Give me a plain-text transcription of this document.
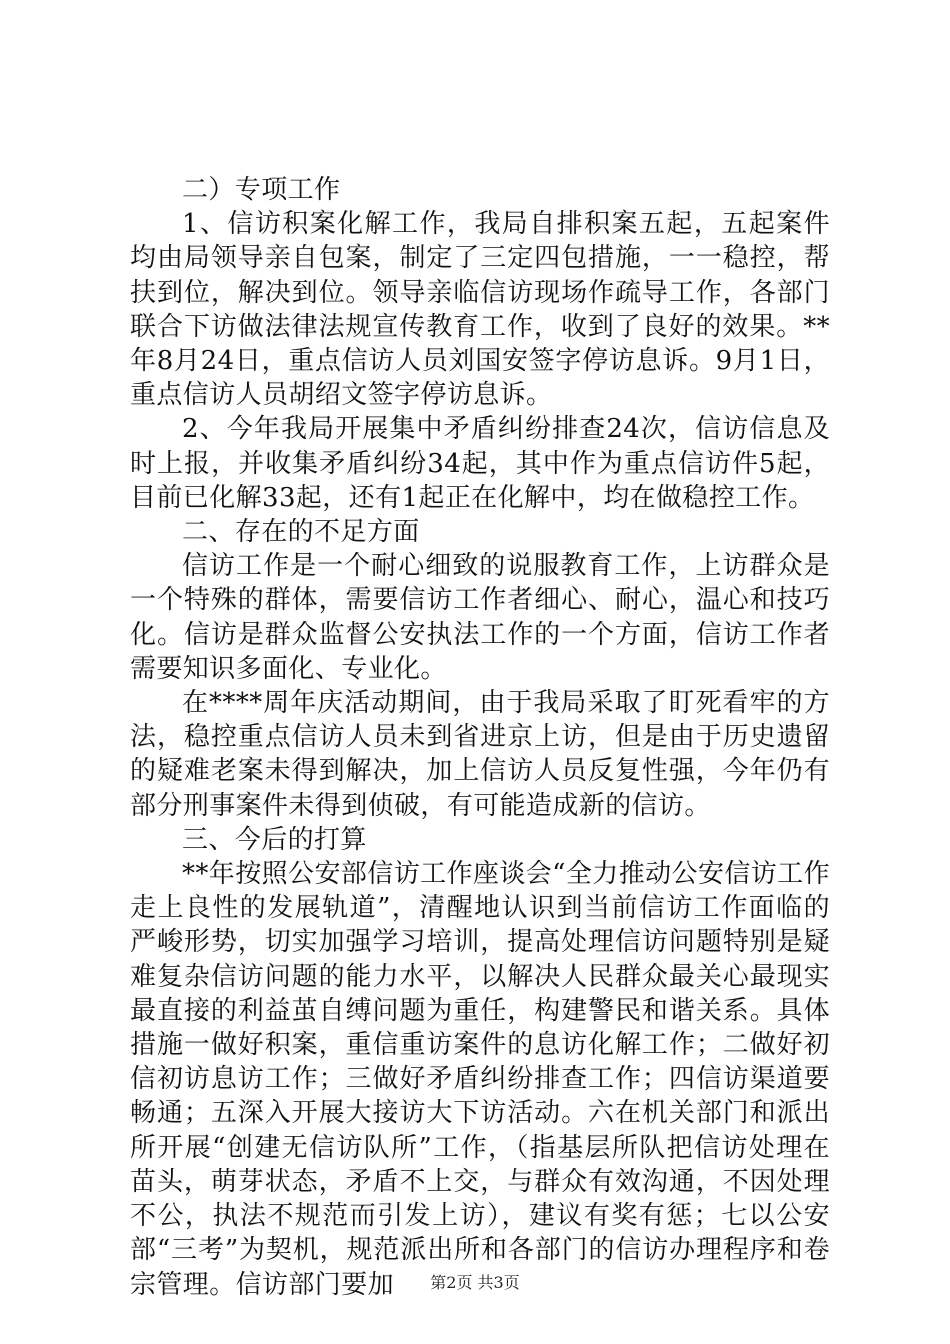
二）专项工作

1、信访积案化解工作，我局自排积案五起，五起案件均由局领导亲自包案，制定了三定四包措施，一一稳控，帮扶到位，解决到位。领导亲临信访现场作疏导工作，各部门联合下访做法律法规宣传教育工作，收到了良好的效果。**年8月24日，重点信访人员刘国安签字停访息诉。9月1日，重点信访人员胡绍文签字停访息诉。

2、今年我局开展集中矛盾纠纷排查24次，信访信息及时上报，并收集矛盾纠纷34起，其中作为重点信访件5起，目前已化解33起，还有1起正在化解中，均在做稳控工作。

二、存在的不足方面

信访工作是一个耐心细致的说服教育工作，上访群众是一个特殊的群体，需要信访工作者细心、耐心，温心和技巧化。信访是群众监督公安执法工作的一个方面，信访工作者需要知识多面化、专业化。

在****周年庆活动期间，由于我局采取了盯死看牢的方法，稳控重点信访人员未到省进京上访，但是由于历史遗留的疑难老案未得到解决，加上信访人员反复性强，今年仍有部分刑事案件未得到侦破，有可能造成新的信访。

三、今后的打算

**年按照公安部信访工作座谈会“全力推动公安信访工作走上良性的发展轨道”，清醒地认识到当前信访工作面临的严峻形势，切实加强学习培训，提高处理信访问题特别是疑难复杂信访问题的能力水平，以解决人民群众最关心最现实最直接的利益茧自缚问题为重任，构建警民和谐关系。具体措施一做好积案，重信重访案件的息访化解工作；二做好初信初访息访工作；三做好矛盾纠纷排查工作；四信访渠道要畅通；五深入开展大接访大下访活动。六在机关部门和派出所开展“创建无信访队所”工作，（指基层所队把信访处理在苗头，萌芽状态，矛盾不上交，与群众有效沟通，不因处理不公，执法不规范而引发上访），建议有奖有惩；七以公安部“三考”为契机，规范派出所和各部门的信访办理程序和卷宗管理。信访部门要加	第2页 共3页
